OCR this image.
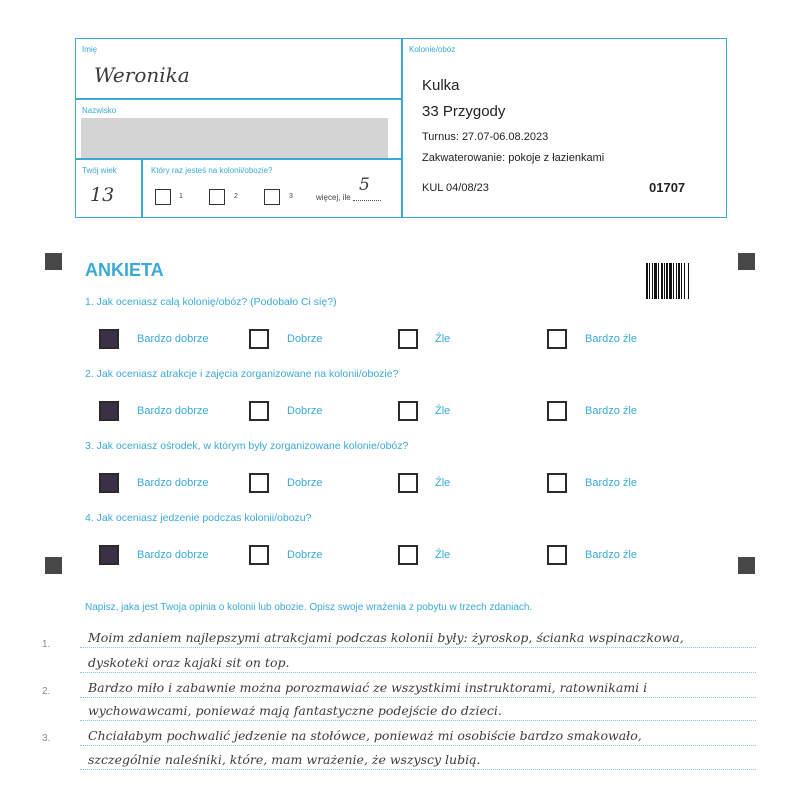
Imię
Weronika
Nazwisko
Twój wiek
13
Który raz jesteś na kolonii/obozie?
1	2	3	więcej, ile
5
Kolonie/obóz
Kulka
33 Przygody
Turnus: 27.07-06.08.2023
Zakwaterowanie: pokoje z łazienkami
KUL 04/08/23	01707
ANKIETA
1. Jak oceniasz całą kolonię/obóz? (Podobało Ci się?)
Bardzo dobrze	Dobrze	Źle	Bardzo źle
2. Jak oceniasz atrakcje i zajęcia zorganizowane na kolonii/obozie?
Bardzo dobrze	Dobrze	Źle	Bardzo źle
3. Jak oceniasz ośrodek, w którym były zorganizowane kolonie/obóz?
Bardzo dobrze	Dobrze	Źle	Bardzo źle
4. Jak oceniasz jedzenie podczas kolonii/obozu?
Bardzo dobrze	Dobrze	Źle	Bardzo źle
Napisz, jaka jest Twoja opinia o kolonii lub obozie. Opisz swoje wrażenia z pobytu w trzech zdaniach.
Moim zdaniem najlepszymi atrakcjami podczas kolonii były: żyroskop, ścianka wspinaczkowa,
dyskoteki oraz kajaki sit on top.
Bardzo miło i zabawnie można porozmawiać ze wszystkimi instruktorami, ratownikami i
wychowawcami, ponieważ mają fantastyczne podejście do dzieci.
Chciałabym pochwalić jedzenie na stołówce, ponieważ mi osobiście bardzo smakowało,
szczególnie naleśniki, które, mam wrażenie, że wszyscy lubią.
1.
2.
3.
